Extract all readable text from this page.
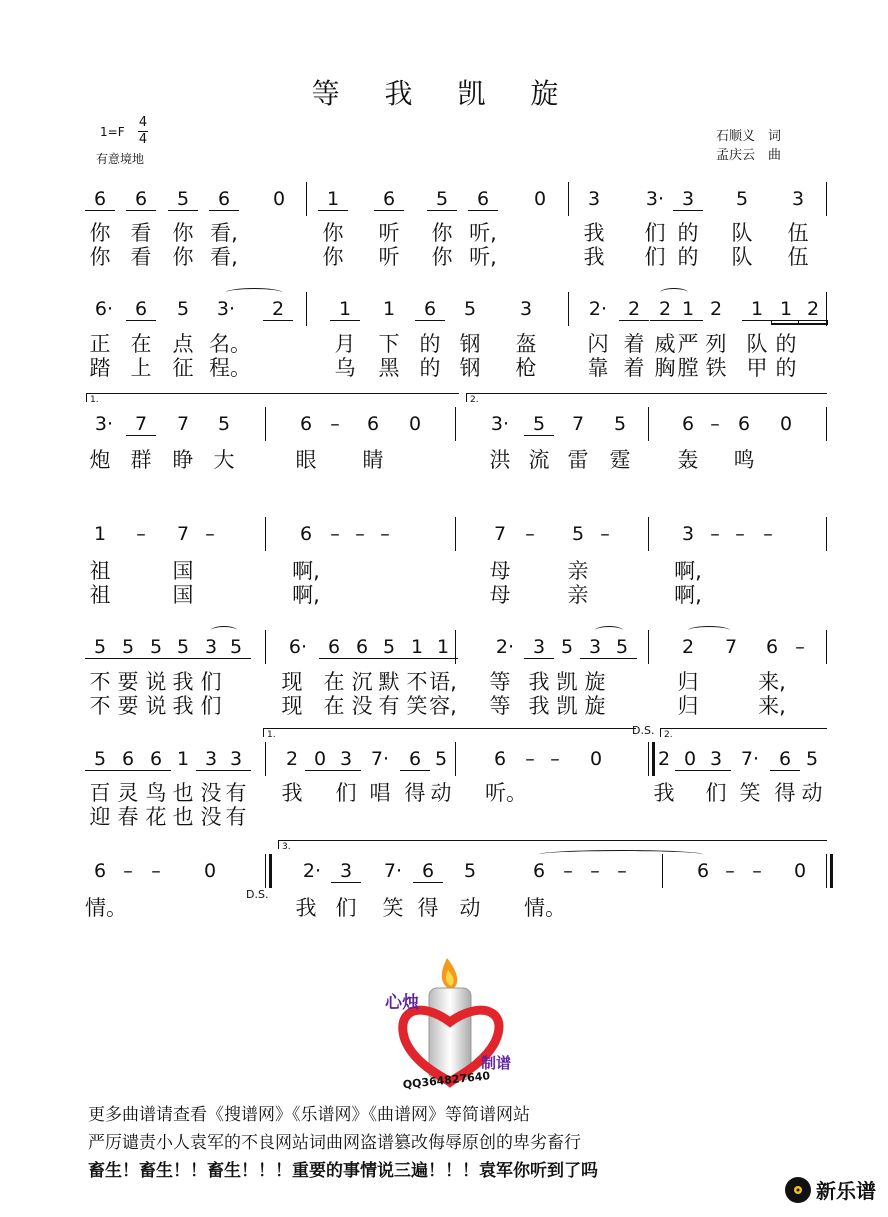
等 我 凯 旋
1=F
4
4
有意境地
石顺义　词
孟庆云　曲
6	6	5	6	0	1	6	5	6	0	3	3· 3	5	3
你 看 你 看,	你 听 你 听,	我 们 的 队 伍
你 看 你 看,	你 听 你 听,	我 们 的 队 伍
6·	6	5	3·	2	1	1	6	5	3	2·	2 2 1 2	1 1 2
正 在 点 名。	月 下 的 钢 盔 闪 着 威 严 列 队 的
踏 上 征 程。	乌 黑 的 钢 枪 靠 着 胸 膛 铁 甲 的
3·	7	7	5	6 –	6	0	3·	5	7	5	6 – 6	0
1.	2.
炮 群 睁 大	眼 睛	洪 流 雷 霆 轰 鸣
1	–	7 –	6 – – –	7	–	5 –	3 – – –
祖	国	啊,	母	亲	啊,
祖	国	啊,	母	亲	啊,
5 5 5 5 3 5	6·	6 6 5 1 1	2· 3 5 3 5	2	7	6 –
不 要 说 我 们	现 在 沉 默 不 语, 等 我 凯 旋	归	来,
不 要 说 我 们	现 在 没 有 笑 容, 等 我 凯 旋	归	来,
5 6 6 1 3 3	2 0 3 7·	6 5	6	– –	0	2 0 3 7·	6 5
1.	2.
D.S.
百 灵 鸟 也 没 有 我 们 唱 得 动 听。	我 们 笑 得 动
迎 春 花 也 没 有
6 – –	0	2· 3	7·	6	5	6 – – –	6 – –	0
3.
D.S.
情。	我 们 笑 得 动 情。
心烛
制谱
QQ364827640
更多曲谱请查看《搜谱网》《乐谱网》《曲谱网》等简谱网站
严厉谴责小人袁军的不良网站词曲网盗谱篡改侮辱原创的卑劣畜行
畜生！畜生！！畜生！！！重要的事情说三遍！！！袁军你听到了吗
新乐谱
